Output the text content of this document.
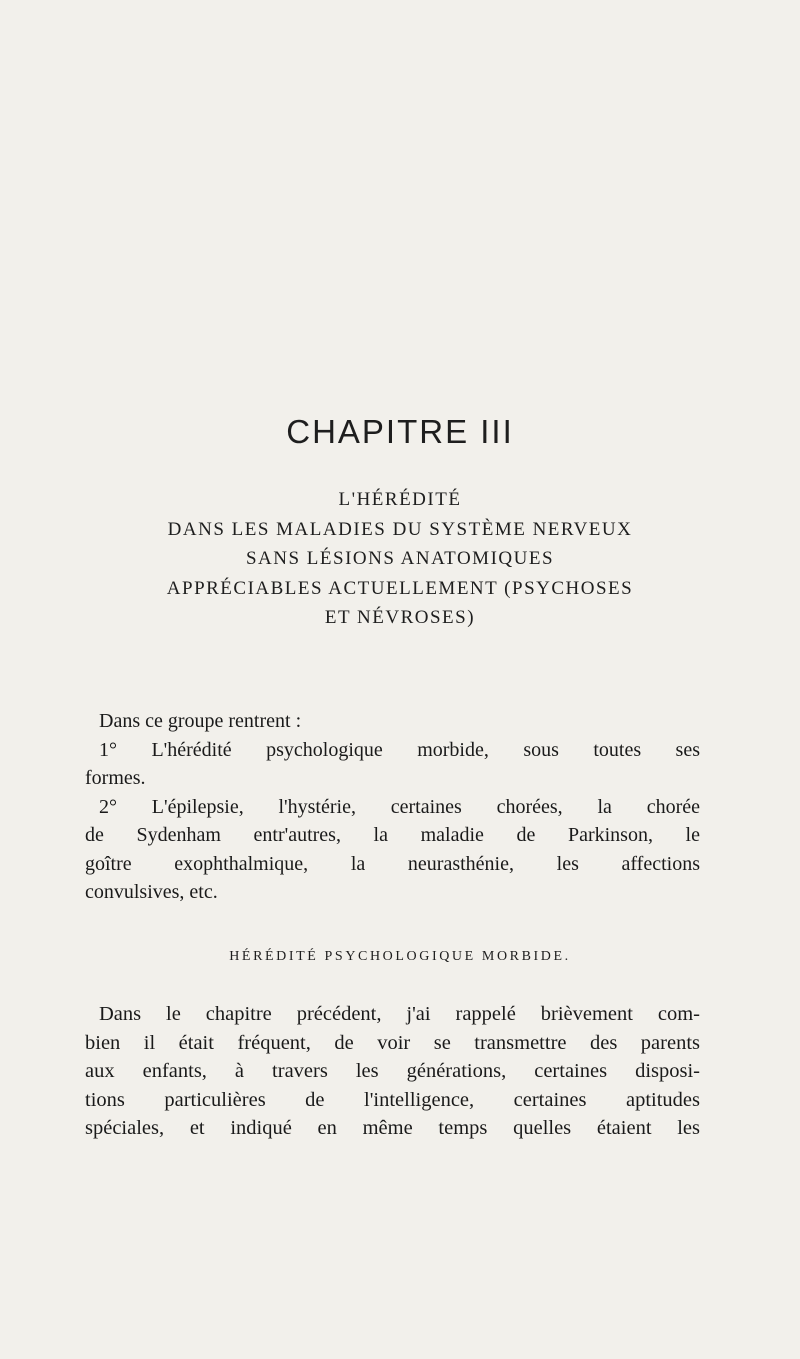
CHAPITRE III
L'HÉRÉDITÉ
DANS LES MALADIES DU SYSTÈME NERVEUX
SANS LÉSIONS ANATOMIQUES
APPRÉCIABLES ACTUELLEMENT (PSYCHOSES
ET NÉVROSES)
Dans ce groupe rentrent :
1° L'hérédité psychologique morbide, sous toutes ses
formes.
2° L'épilepsie, l'hystérie, certaines chorées, la chorée
de Sydenham entr'autres, la maladie de Parkinson, le
goître exophthalmique, la neurasthénie, les affections
convulsives, etc.
HÉRÉDITÉ PSYCHOLOGIQUE MORBIDE.
Dans le chapitre précédent, j'ai rappelé brièvement com-
bien il était fréquent, de voir se transmettre des parents
aux enfants, à travers les générations, certaines disposi-
tions particulières de l'intelligence, certaines aptitudes
spéciales, et indiqué en même temps quelles étaient les
